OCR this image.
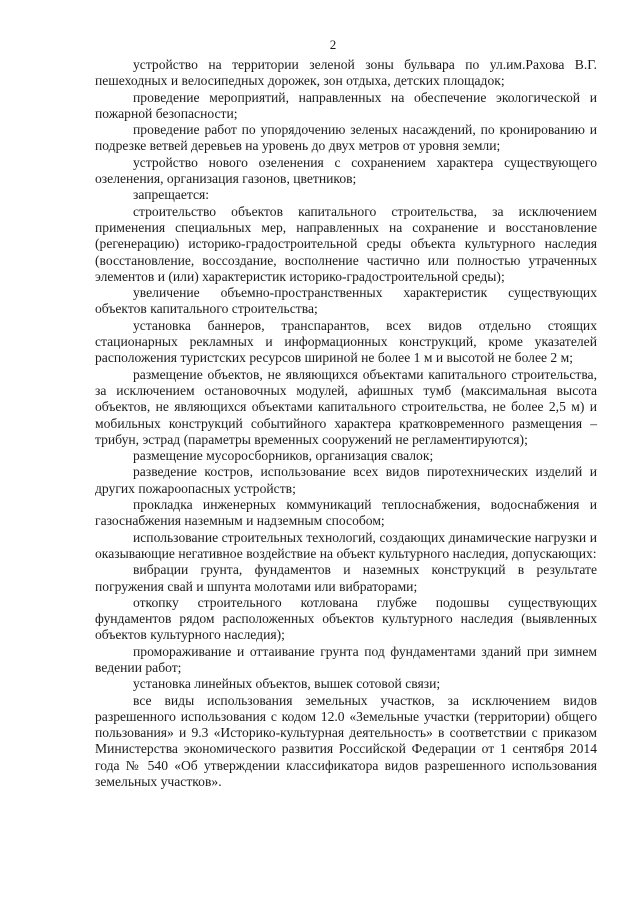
2

устройство на территории зеленой зоны бульвара по ул.им.Рахова В.Г. пешеходных и велосипедных дорожек, зон отдыха, детских площадок;

проведение мероприятий, направленных на обеспечение экологической и пожарной безопасности;

проведение работ по упорядочению зеленых насаждений, по кронированию и подрезке ветвей деревьев на уровень до двух метров от уровня земли;

устройство нового озеленения с сохранением характера существующего озеленения, организация газонов, цветников;

запрещается:

строительство объектов капитального строительства, за исключением применения специальных мер, направленных на сохранение и восстановление (регенерацию) историко-градостроительной среды объекта культурного наследия (восстановление, воссоздание, восполнение частично или полностью утраченных элементов и (или) характеристик историко-градостроительной среды);

увеличение объемно-пространственных характеристик существующих объектов капитального строительства;

установка баннеров, транспарантов, всех видов отдельно стоящих стационарных рекламных и информационных конструкций, кроме указателей расположения туристских ресурсов шириной не более 1 м и высотой не более 2 м;

размещение объектов, не являющихся объектами капитального строительства, за исключением остановочных модулей, афишных тумб (максимальная высота объектов, не являющихся объектами капитального строительства, не более 2,5 м) и мобильных конструкций событийного характера кратковременного размещения – трибун, эстрад (параметры временных сооружений не регламентируются);

размещение мусоросборников, организация свалок;

разведение костров, использование всех видов пиротехнических изделий и других пожароопасных устройств;

прокладка инженерных коммуникаций теплоснабжения, водоснабжения и газоснабжения наземным и надземным способом;

использование строительных технологий, создающих динамические нагрузки и оказывающие негативное воздействие на объект культурного наследия, допускающих:

вибрации грунта, фундаментов и наземных конструкций в результате погружения свай и шпунта молотами или вибраторами;

откопку строительного котлована глубже подошвы существующих фундаментов рядом расположенных объектов культурного наследия (выявленных объектов культурного наследия);

промораживание и оттаивание грунта под фундаментами зданий при зимнем ведении работ;

установка линейных объектов, вышек сотовой связи;

все виды использования земельных участков, за исключением видов разрешенного использования с кодом 12.0 «Земельные участки (территории) общего пользования» и 9.3 «Историко-культурная деятельность» в соответствии с приказом Министерства экономического развития Российской Федерации от 1 сентября 2014 года № 540 «Об утверждении классификатора видов разрешенного использования земельных участков».
